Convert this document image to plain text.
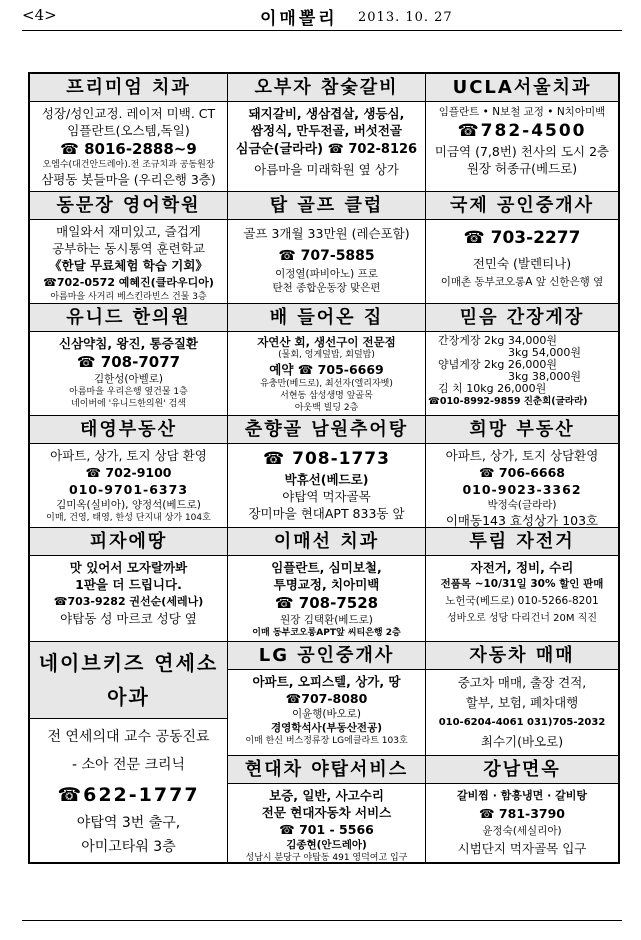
<4>	이매뽈리 2013. 10. 27
프리미엄 치과
성장/성인교정. 레이저 미백. CT
임플란트(오스템,독일)
☎ 8016-2888~9
오엠수(대건안드레아).전 조규치과 공동원장
삼평동 봇들마을 (우리은행 3층)
오부자 참숯갈비
돼지갈비, 생삼겹살, 생등심,
쌈정식, 만두전골, 버섯전골
심금순(글라라) ☎ 702-8126
아름마을 미래학원 옆 상가
UCLA서울치과
임플란트 • N보철 교정 • N치아미백
☎782-4500
미금역 (7,8번) 천사의 도시 2층
원장 허종규(베드로)
동문장 영어학원
매일와서 재미있고, 즐겁게
공부하는 동시통역 훈련학교
《한달 무료체험 학습 기회》
☎702-0572 예혜진(클라우디아)
아름마을 사거리 베스킨라빈스 건물 3층
탑 골프 클럽
골프 3개월 33만원 (레슨포함)
☎ 707-5885
이정열(파비아노) 프로
탄천 종합운동장 맞은편
국제 공인중개사
☎ 703-2277
전민숙 (발렌티나)
이매촌 동부코오롱A 앞 신한은행 옆
유니드 한의원
신삼약침, 왕진, 통증질환
☎ 708-7077
김한성(아벨로)
아름마을 우리은행 옆건물 1층
네이버에 '유니드한의원' 검색
배 들어온 집
자연산 회, 생선구이 전문점
(물회, 엉게덮밥, 회덮밥)
예약 ☎ 705-6669
유충만(베드로), 최선자(엘리자벳)
서현동 삼성생명 앞골목
아웃백 빌딩 2층
믿음 간장게장
간장게장 2kg 34,000원
3kg 54,000원
양념게장 2kg 26,000원
3kg 38,000원
김 치 10kg 26,000원
☎010-8992-9859 진춘희(글라라)
태영부동산
아파트, 상가, 토지 상담 환영
☎ 702-9100
010-9701-6373
김미옥(실비아), 양정석(베드로)
이매, 건영, 태영, 한성 단지내 상가 104호
춘향골 남원추어탕
☎ 708-1773
박휴선(베드로)
야탑역 먹자골목
장미마을 현대APT 833동 앞
희망 부동산
아파트, 상가, 토지 상담환영
☎ 706-6668
010-9023-3362
박정숙(글라라)
이매동143 효성상가 103호
피자에땅
맛 있어서 모자랄까봐
1판을 더 드립니다.
☎703-9282 권선순(세레나)
야탑동 성 마르코 성당 옆
이매선 치과
임플란트, 심미보철,
투명교정, 치아미백
☎ 708-7528
원장 김택환(베드로)
이매 동부코오롱APT앞 씨티은행 2층
투림 자전거
자전거, 정비, 수리
전품목 ~10/31일 30% 할인 판매
노헌국(베드로) 010-5266-8201
성바오로 성당 다리건너 20M 직진
네이브키즈 연세소아과
전 연세의대 교수 공동진료
- 소아 전문 크리닉
☎622-1777
야탑역 3번 출구,
아미고타워 3층
LG 공인중개사
아파트, 오피스텔, 상가, 땅
☎707-8080
이윤행(바오로)
경영학석사(부동산전공)
이매 한신 버스정류장 LG에클라트 103호
자동차 매매
중고차 매매, 출장 견적,
할부, 보험, 폐차대행
010-6204-4061 031)705-2032
최수기(바오로)
현대차 야탑서비스
보증, 일반, 사고수리
전문 현대자동차 서비스
☎ 701 - 5566
김종현(안드레아)
성남시 분당구 야탑동 491 영덕여고 입구
강남면옥
갈비찜 · 함흥냉면 · 갈비탕
☎ 781-3790
윤정숙(세실리아)
시범단지 먹자골목 입구
